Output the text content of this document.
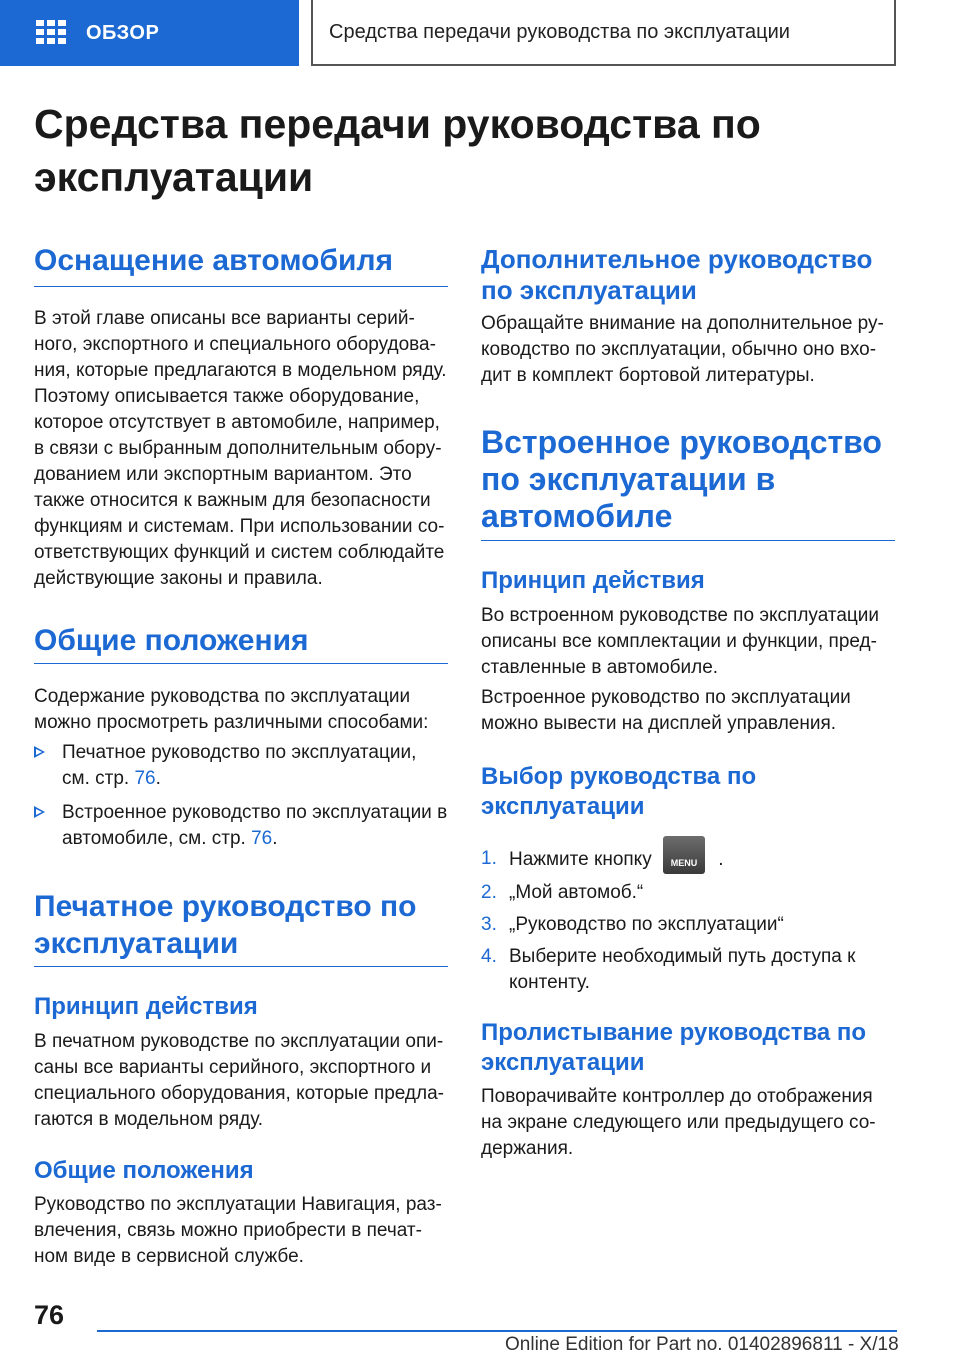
ОБЗОР	Средства передачи руководства по эксплуатации
Средства передачи руководства по эксплуатации
Оснащение автомобиля
В этой главе описаны все варианты серийного, экспортного и специального оборудования, которые предлагаются в модельном ряду. Поэтому описывается также оборудование, которое отсутствует в автомобиле, например, в связи с выбранным дополнительным оборудованием или экспортным вариантом. Это также относится к важным для безопасности функциям и системам. При использовании соответствующих функций и систем соблюдайте действующие законы и правила.
Общие положения
Содержание руководства по эксплуатации можно просмотреть различными способами:
Печатное руководство по эксплуатации, см. стр. 76.
Встроенное руководство по эксплуатации в автомобиле, см. стр. 76.
Печатное руководство по эксплуатации
Принцип действия
В печатном руководстве по эксплуатации описаны все варианты серийного, экспортного и специального оборудования, которые предлагаются в модельном ряду.
Общие положения
Руководство по эксплуатации Навигация, развлечения, связь можно приобрести в печатном виде в сервисной службе.
Дополнительное руководство по эксплуатации
Обращайте внимание на дополнительное руководство по эксплуатации, обычно оно входит в комплект бортовой литературы.
Встроенное руководство по эксплуатации в автомобиле
Принцип действия
Во встроенном руководстве по эксплуатации описаны все комплектации и функции, представленные в автомобиле.
Встроенное руководство по эксплуатации можно вывести на дисплей управления.
Выбор руководства по эксплуатации
1. Нажмите кнопку	MENU	.
2. „Мой автомоб.“
3. „Руководство по эксплуатации“
4. Выберите необходимый путь доступа к контенту.
Пролистывание руководства по эксплуатации
Поворачивайте контроллер до отображения на экране следующего или предыдущего содержания.
76
Online Edition for Part no. 01402896811 - X/18
